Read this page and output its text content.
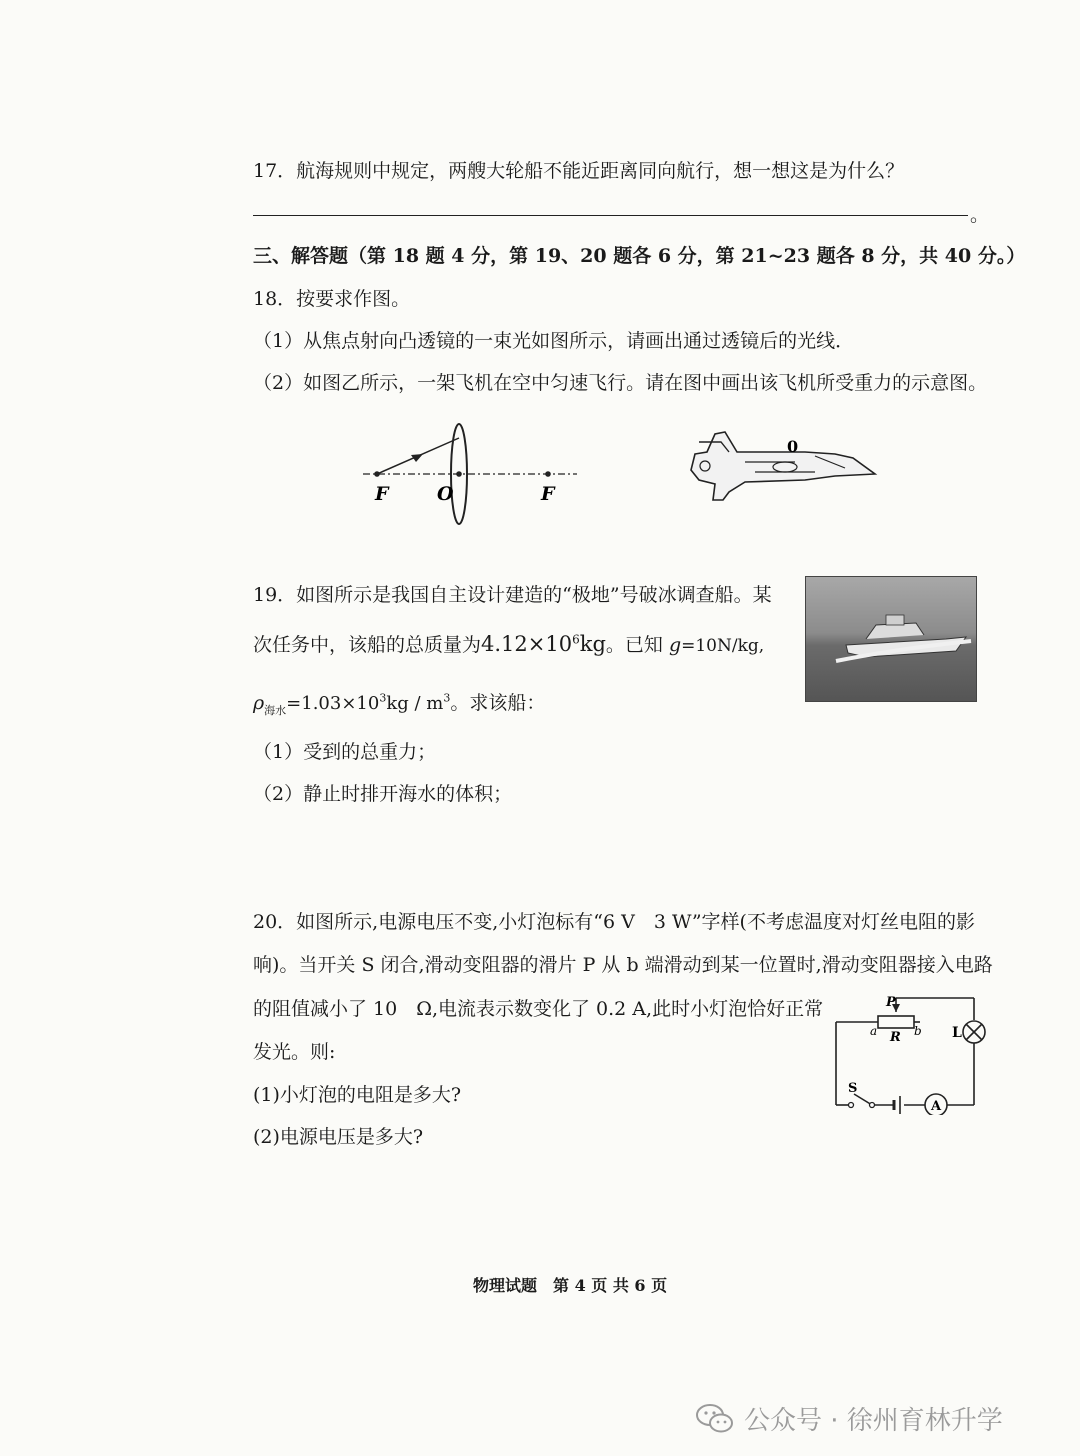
17．航海规则中规定，两艘大轮船不能近距离同向航行，想一想这是为什么？
。
三、解答题（第 18 题 4 分，第 19、20 题各 6 分，第 21~23 题各 8 分，共 40 分。）
18．按要求作图。
（1）从焦点射向凸透镜的一束光如图所示，请画出通过透镜后的光线．
（2）如图乙所示，一架飞机在空中匀速飞行。请在图中画出该飞机所受重力的示意图。
F	O	F
0
19．如图所示是我国自主设计建造的“极地”号破冰调查船。某
次任务中，该船的总质量为$4.12\times 10^6kg$。已知 g=10N/kg,
$\rho_{海水}=1.03\times 10^3kg / m^3$。求该船：
（1）受到的总重力；
（2）静止时排开海水的体积；
20．如图所示,电源电压不变,小灯泡标有“6 V　3 W”字样(不考虑温度对灯丝电阻的影
响)。当开关 S 闭合,滑动变阻器的滑片 P 从 b 端滑动到某一位置时,滑动变阻器接入电路
的阻值减小了 10　Ω,电流表示数变化了 0.2 A,此时小灯泡恰好正常
发光。则:
(1)小灯泡的电阻是多大?
(2)电源电压是多大?
P
a R b L
S
A
物理试题　第 4 页 共 6 页
公众号 · 徐州育林升学
